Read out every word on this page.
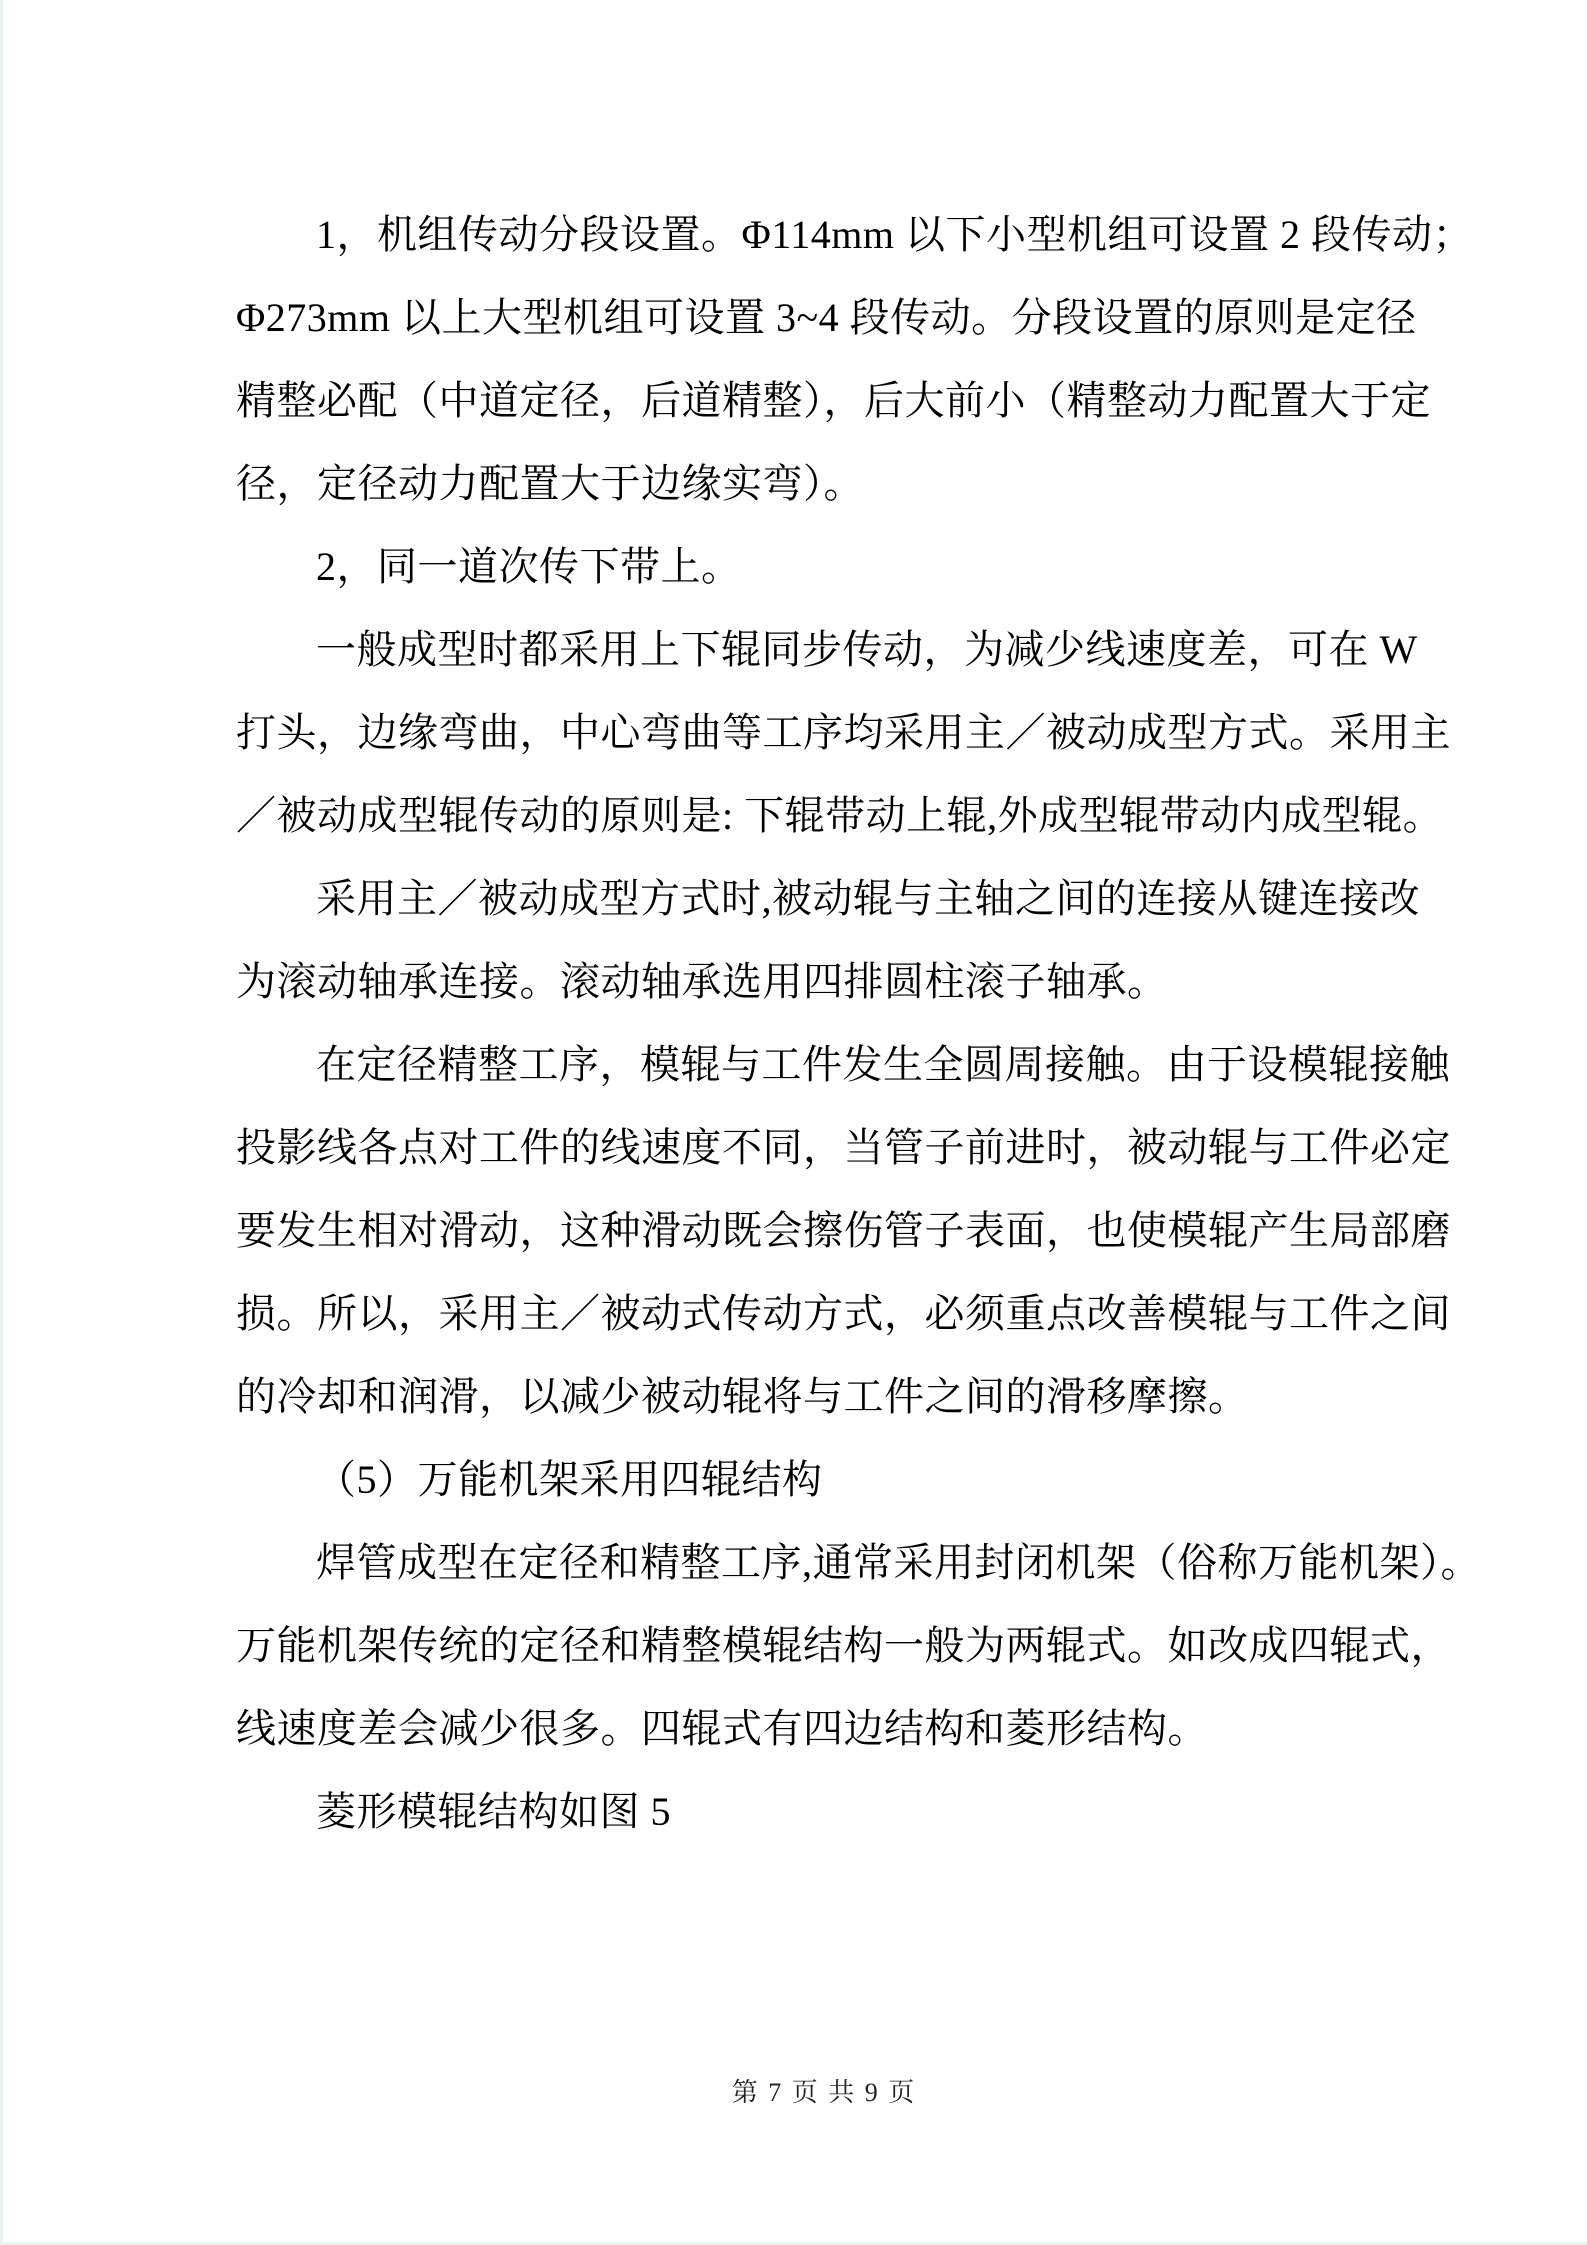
1，机组传动分段设置。Φ114mm 以下小型机组可设置 2 段传动；
Φ273mm 以上大型机组可设置 3~4 段传动。分段设置的原则是定径
精整必配（中道定径，后道精整），后大前小（精整动力配置大于定
径，定径动力配置大于边缘实弯）。
2，同一道次传下带上。
一般成型时都采用上下辊同步传动，为减少线速度差，可在 W
打头，边缘弯曲，中心弯曲等工序均采用主／被动成型方式。采用主
／被动成型辊传动的原则是: 下辊带动上辊,外成型辊带动内成型辊。
采用主／被动成型方式时,被动辊与主轴之间的连接从键连接改
为滚动轴承连接。滚动轴承选用四排圆柱滚子轴承。
在定径精整工序，模辊与工件发生全圆周接触。由于设模辊接触
投影线各点对工件的线速度不同，当管子前进时，被动辊与工件必定
要发生相对滑动，这种滑动既会擦伤管子表面，也使模辊产生局部磨
损。所以，采用主／被动式传动方式，必须重点改善模辊与工件之间
的冷却和润滑，以减少被动辊将与工件之间的滑移摩擦。
（5）万能机架采用四辊结构
焊管成型在定径和精整工序,通常采用封闭机架（俗称万能机架）。
万能机架传统的定径和精整模辊结构一般为两辊式。如改成四辊式，
线速度差会减少很多。四辊式有四边结构和菱形结构。
菱形模辊结构如图 5
第 7 页 共 9 页
